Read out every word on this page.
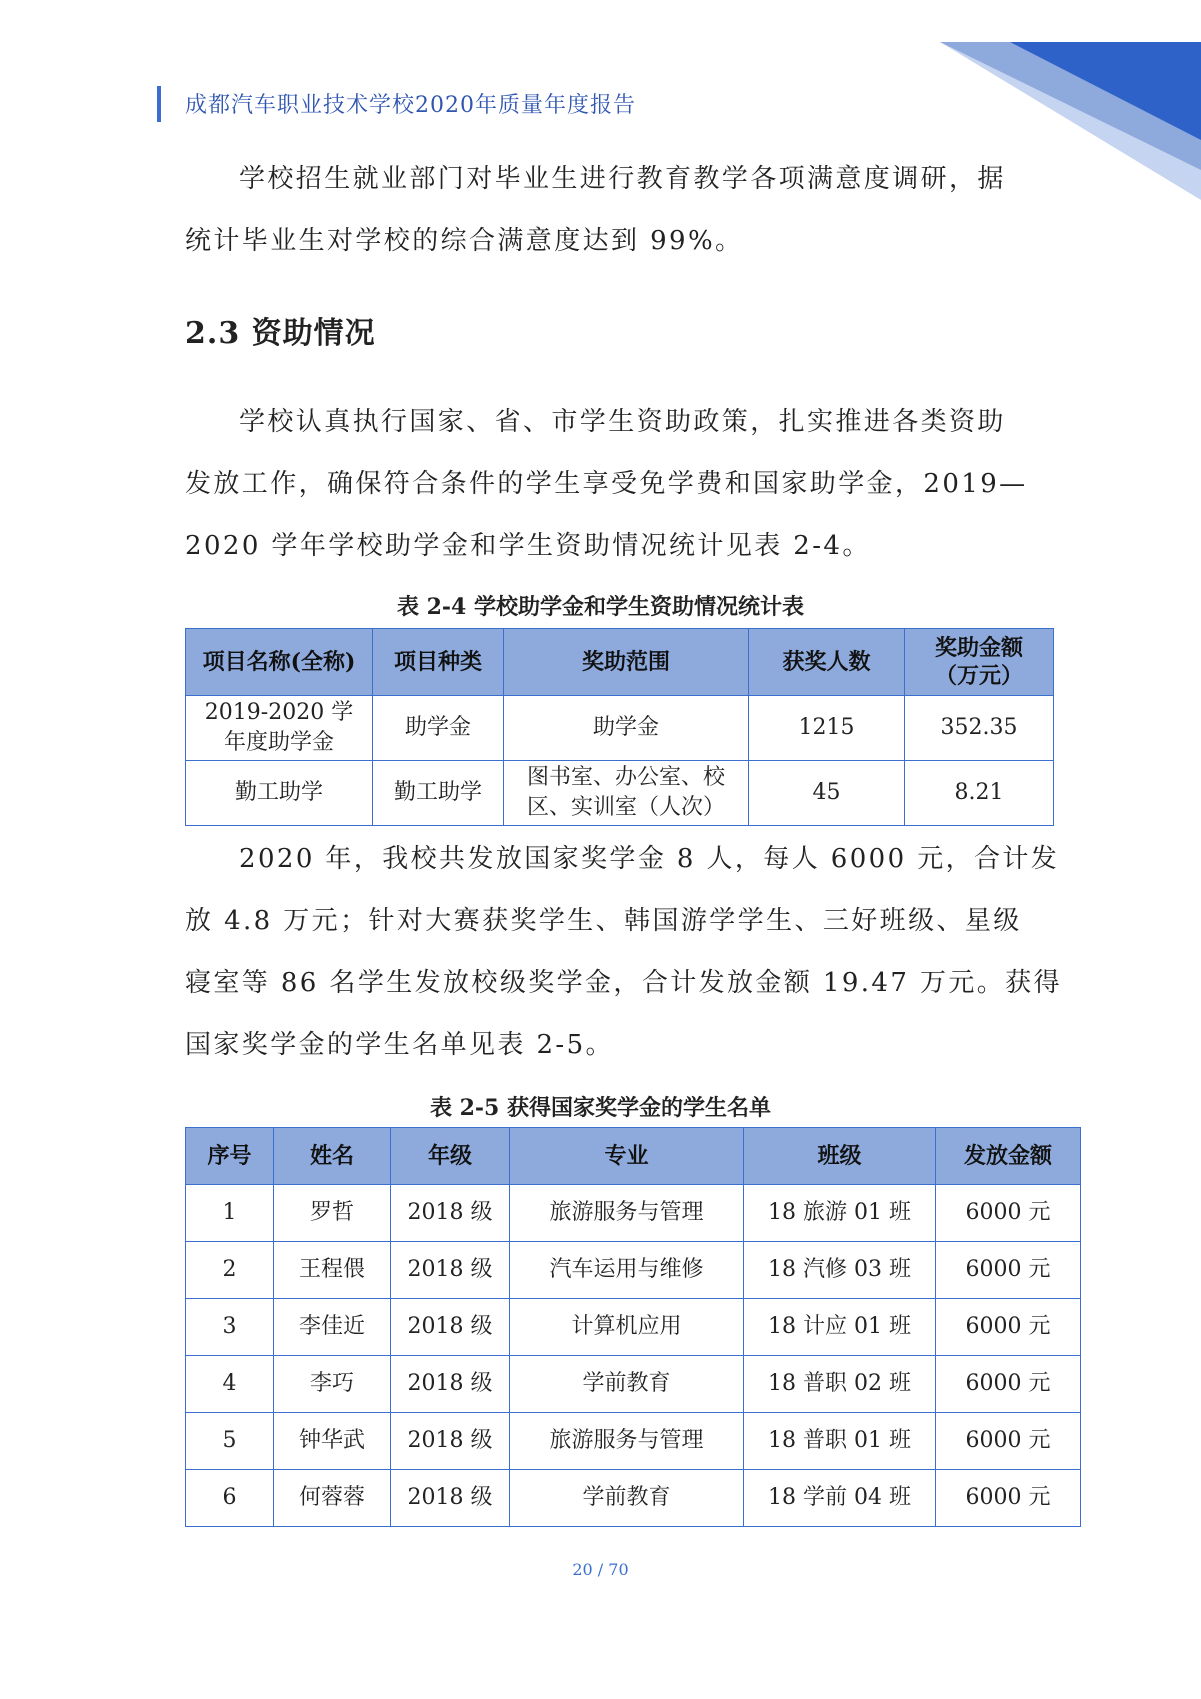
成都汽车职业技术学校2020年质量年度报告
学校招生就业部门对毕业生进行教育教学各项满意度调研，据
统计毕业生对学校的综合满意度达到 99%。
2.3 资助情况
学校认真执行国家、省、市学生资助政策，扎实推进各类资助
发放工作，确保符合条件的学生享受免学费和国家助学金，2019—
2020 学年学校助学金和学生资助情况统计见表 2-4。
表 2-4 学校助学金和学生资助情况统计表
项目名称(全称)	项目种类	奖助范围	获奖人数	奖助金额（万元）
2019-2020 学年度助学金	助学金	助学金	1215	352.35
勤工助学	勤工助学	图书室、办公室、校区、实训室（人次）	45	8.21
2020 年，我校共发放国家奖学金 8 人，每人 6000 元，合计发
放 4.8 万元；针对大赛获奖学生、韩国游学学生、三好班级、星级
寝室等 86 名学生发放校级奖学金，合计发放金额 19.47 万元。获得
国家奖学金的学生名单见表 2-5。
表 2-5 获得国家奖学金的学生名单
序号	姓名	年级	专业	班级	发放金额
1	罗哲	2018 级	旅游服务与管理	18 旅游 01 班	6000 元
2	王程偎	2018 级	汽车运用与维修	18 汽修 03 班	6000 元
3	李佳近	2018 级	计算机应用	18 计应 01 班	6000 元
4	李巧	2018 级	学前教育	18 普职 02 班	6000 元
5	钟华武	2018 级	旅游服务与管理	18 普职 01 班	6000 元
6	何蓉蓉	2018 级	学前教育	18 学前 04 班	6000 元
20 / 70
